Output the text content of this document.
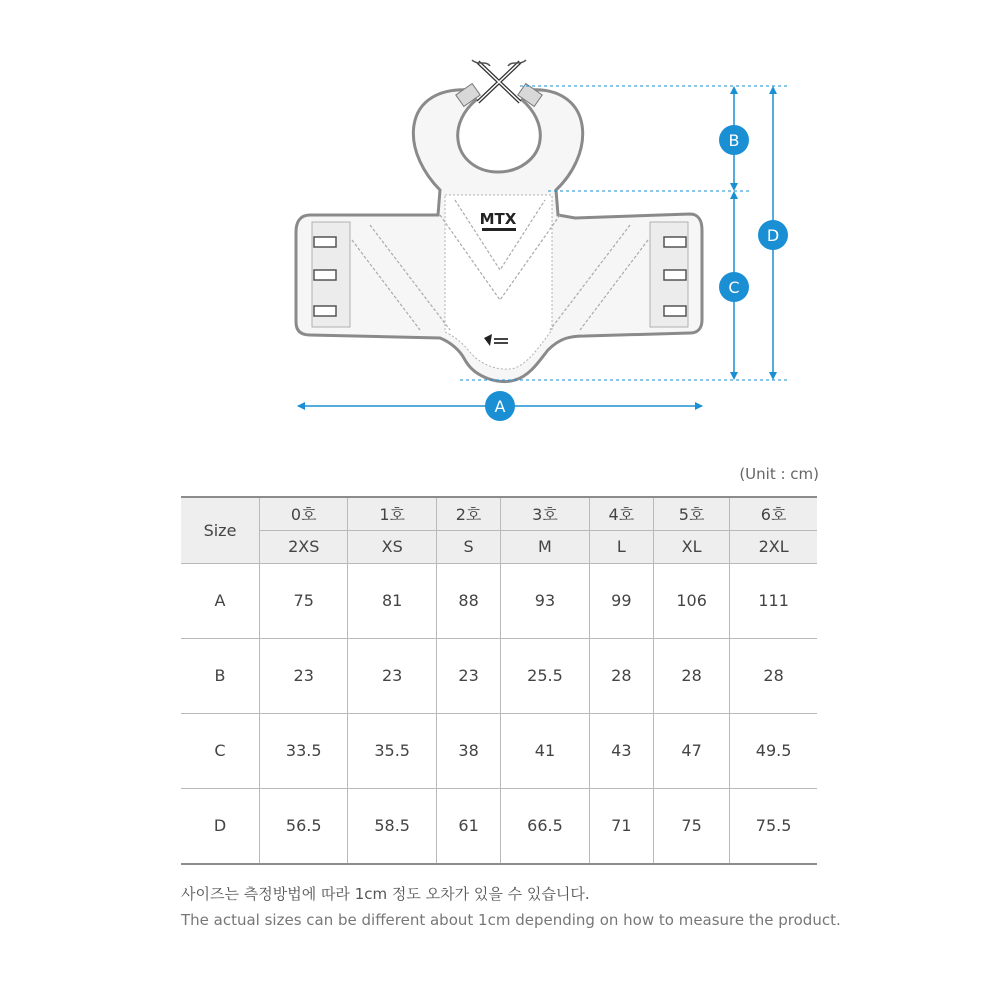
MTX
B
C
D
A
(Unit : cm)
Size	0호	1호	2호	3호	4호	5호	6호
	2XS	XS	S	M	L	XL	2XL
A	75	81	88	93	99	106	111
B	23	23	23	25.5	28	28	28
C	33.5	35.5	38	41	43	47	49.5
D	56.5	58.5	61	66.5	71	75	75.5
사이즈는 측정방법에 따라 1cm 정도 오차가 있을 수 있습니다.
The actual sizes can be different about 1cm depending on how to measure the product.
